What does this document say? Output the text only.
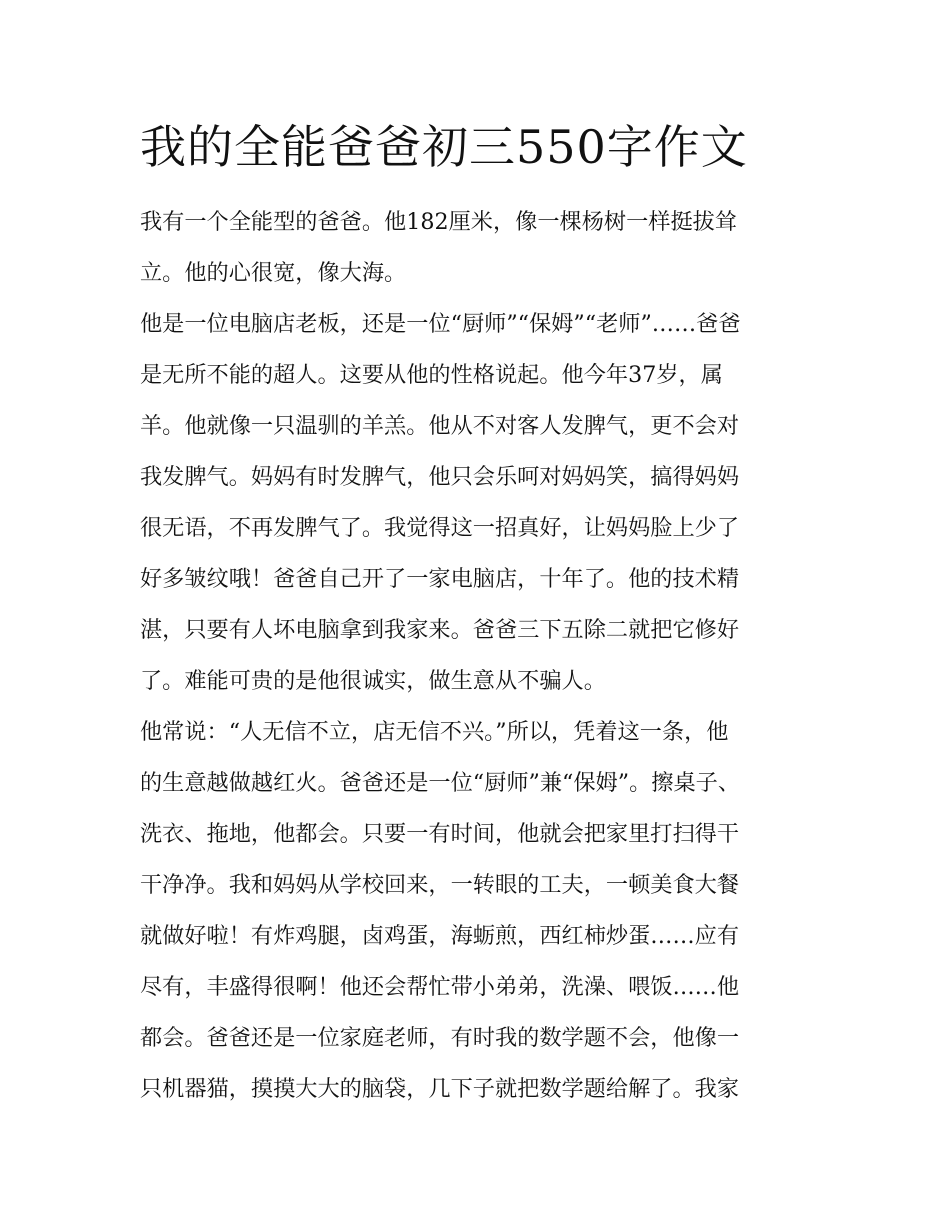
我的全能爸爸初三550字作文
我有一个全能型的爸爸。他182厘米，像一棵杨树一样挺拔耸
立。他的心很宽，像大海。
他是一位电脑店老板，还是一位“厨师”“保姆”“老师”……爸爸
是无所不能的超人。这要从他的性格说起。他今年37岁，属
羊。他就像一只温驯的羊羔。他从不对客人发脾气，更不会对
我发脾气。妈妈有时发脾气，他只会乐呵对妈妈笑，搞得妈妈
很无语，不再发脾气了。我觉得这一招真好，让妈妈脸上少了
好多皱纹哦！爸爸自己开了一家电脑店，十年了。他的技术精
湛，只要有人坏电脑拿到我家来。爸爸三下五除二就把它修好
了。难能可贵的是他很诚实，做生意从不骗人。
他常说：“人无信不立，店无信不兴。”所以，凭着这一条，他
的生意越做越红火。爸爸还是一位“厨师”兼“保姆”。擦桌子、
洗衣、拖地，他都会。只要一有时间，他就会把家里打扫得干
干净净。我和妈妈从学校回来，一转眼的工夫，一顿美食大餐
就做好啦！有炸鸡腿，卤鸡蛋，海蛎煎，西红柿炒蛋……应有
尽有，丰盛得很啊！他还会帮忙带小弟弟，洗澡、喂饭……他
都会。爸爸还是一位家庭老师，有时我的数学题不会，他像一
只机器猫，摸摸大大的脑袋，几下子就把数学题给解了。我家
